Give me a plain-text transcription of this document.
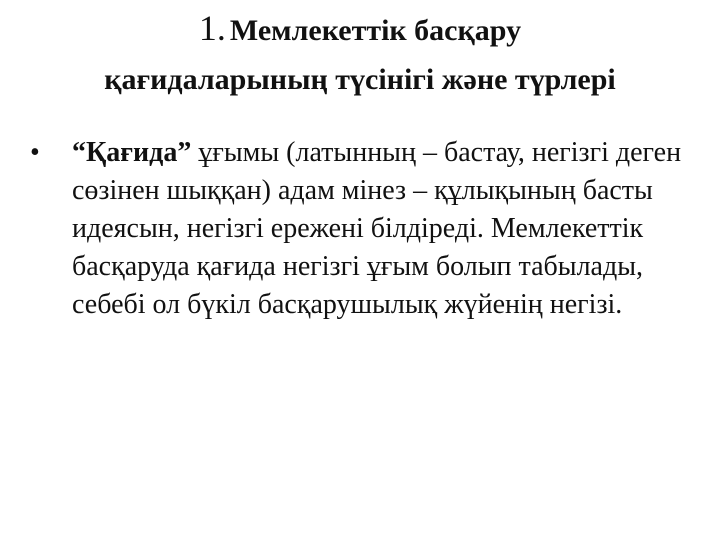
1. Мемлекеттік басқару
қағидаларының түсінігі және түрлері
• “Қағида” ұғымы (латынның – бастау, негізгі деген сөзінен шыққан) адам мінез – құлықының басты идеясын, негізгі ережені білдіреді. Мемлекеттік басқаруда қағида негізгі ұғым болып табылады, себебі ол бүкіл басқарушылық жүйенің негізі.
